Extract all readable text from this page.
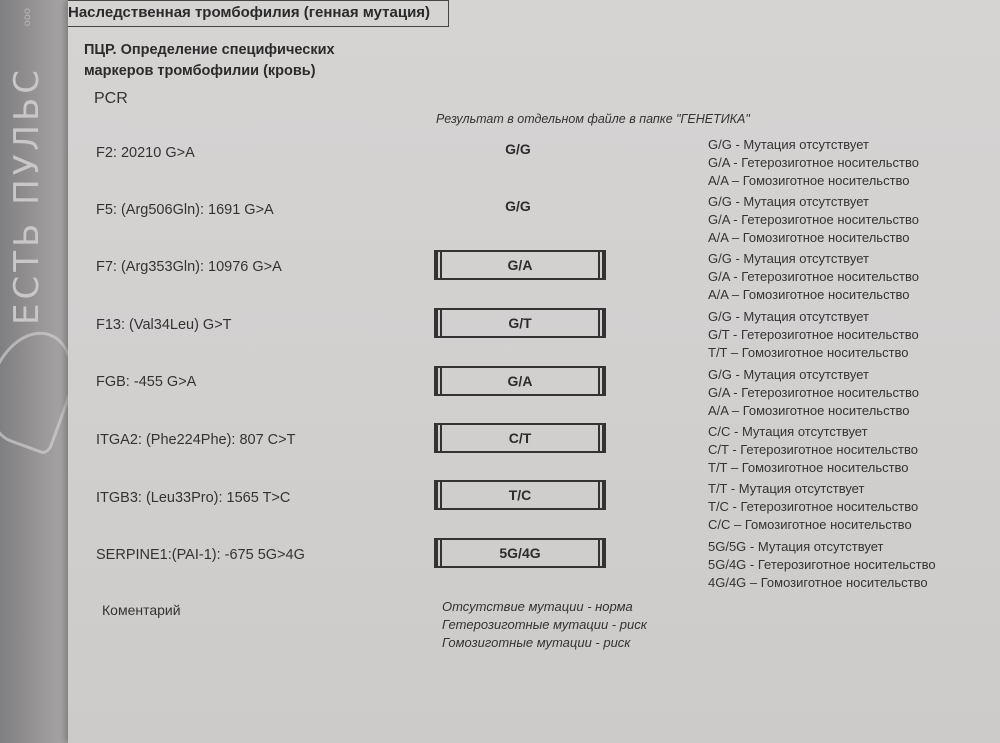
ооо
ЕСТЬ ПУЛЬС
Наследственная тромбофилия (генная мутация)
ПЦР. Определение специфических
маркеров тромбофилии (кровь)
PCR
Результат в отдельном файле в папке "ГЕНЕТИКА"
F2: 20210 G>A	G/G	G/G - Мутация отсутствует
G/A - Гетерозиготное носительство
A/A – Гомозиготное носительство
F5: (Arg506Gln): 1691 G>A	G/G	G/G - Мутация отсутствует
G/A - Гетерозиготное носительство
A/A – Гомозиготное носительство
F7: (Arg353Gln): 10976 G>A	G/A	G/G - Мутация отсутствует
G/A - Гетерозиготное носительство
A/A – Гомозиготное носительство
F13: (Val34Leu) G>T	G/T	G/G - Мутация отсутствует
G/T - Гетерозиготное носительство
T/T – Гомозиготное носительство
FGB: -455 G>A	G/A	G/G - Мутация отсутствует
G/A - Гетерозиготное носительство
A/A – Гомозиготное носительство
ITGA2: (Phe224Phe): 807 C>T	C/T	C/C - Мутация отсутствует
C/T - Гетерозиготное носительство
T/T – Гомозиготное носительство
ITGB3: (Leu33Pro): 1565 T>C	T/C	T/T - Мутация отсутствует
T/C - Гетерозиготное носительство
C/C – Гомозиготное носительство
SERPINE1:(PAI-1): -675 5G>4G	5G/4G	5G/5G - Мутация отсутствует
5G/4G - Гетерозиготное носительство
4G/4G – Гомозиготное носительство
Коментарий	Отсутствие мутации - норма
Гетерозиготные мутации - риск
Гомозиготные мутации - риск
